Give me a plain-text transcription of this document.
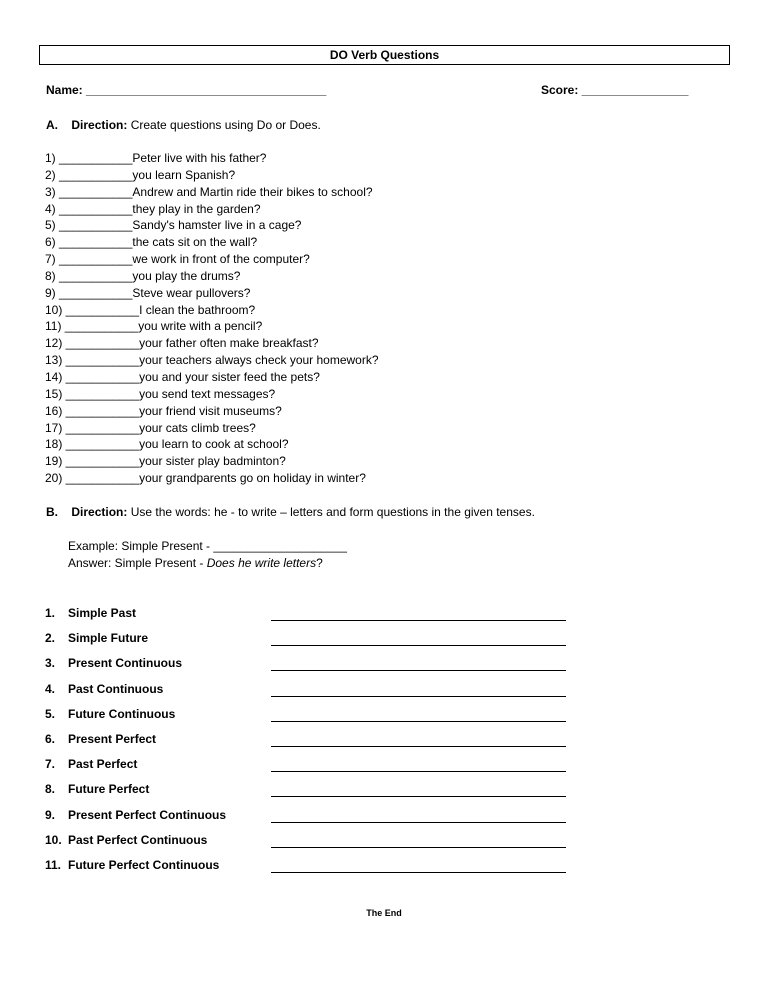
DO Verb Questions
Name: ____________________________________	Score: ________________
A. Direction: Create questions using Do or Does.
1) ___________Peter live with his father?
2) ___________you learn Spanish?
3) ___________Andrew and Martin ride their bikes to school?
4) ___________they play in the garden?
5) ___________Sandy's hamster live in a cage?
6) ___________the cats sit on the wall?
7) ___________we work in front of the computer?
8) ___________you play the drums?
9) ___________Steve wear pullovers?
10) ___________I clean the bathroom?
11) ___________you write with a pencil?
12) ___________your father often make breakfast?
13) ___________your teachers always check your homework?
14) ___________you and your sister feed the pets?
15) ___________you send text messages?
16) ___________your friend visit museums?
17) ___________your cats climb trees?
18) ___________you learn to cook at school?
19) ___________your sister play badminton?
20) ___________your grandparents go on holiday in winter?
B. Direction: Use the words: he - to write – letters and form questions in the given tenses.
Example: Simple Present - ____________________
Answer: Simple Present - Does he write letters?
1. Simple Past
2. Simple Future
3. Present Continuous
4. Past Continuous
5. Future Continuous
6. Present Perfect
7. Past Perfect
8. Future Perfect
9. Present Perfect Continuous
10. Past Perfect Continuous
11. Future Perfect Continuous
The End
